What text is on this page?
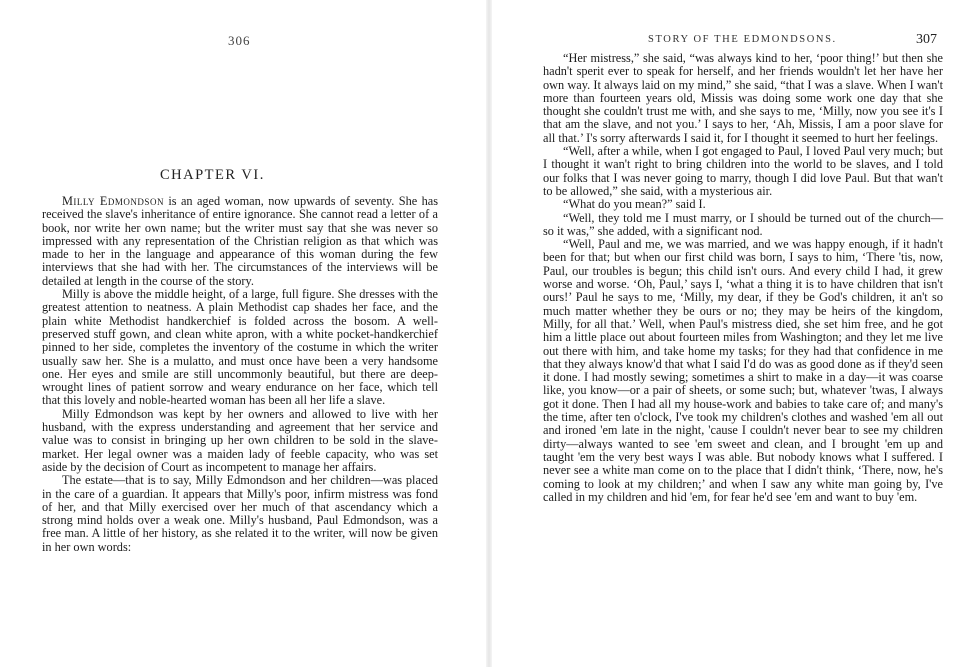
306
CHAPTER VI.

Milly Edmondson is an aged woman, now upwards of seventy. She has received the slave's inheritance of entire ignorance. She cannot read a letter of a book, nor write her own name; but the writer must say that she was never so impressed with any representation of the Christian religion as that which was made to her in the language and appearance of this woman during the few interviews that she had with her. The circumstances of the interviews will be detailed at length in the course of the story.

Milly is above the middle height, of a large, full figure. She dresses with the greatest attention to neatness. A plain Methodist cap shades her face, and the plain white Methodist handkerchief is folded across the bosom. A well-preserved stuff gown, and clean white apron, with a white pocket-handkerchief pinned to her side, completes the inventory of the costume in which the writer usually saw her. She is a mulatto, and must once have been a very handsome one. Her eyes and smile are still uncommonly beautiful, but there are deep-wrought lines of patient sorrow and weary endurance on her face, which tell that this lovely and noble-hearted woman has been all her life a slave.

Milly Edmondson was kept by her owners and allowed to live with her husband, with the express understanding and agreement that her service and value was to consist in bringing up her own children to be sold in the slave-market. Her legal owner was a maiden lady of feeble capacity, who was set aside by the decision of Court as incompetent to manage her affairs.

The estate—that is to say, Milly Edmondson and her children—was placed in the care of a guardian. It appears that Milly's poor, infirm mistress was fond of her, and that Milly exercised over her much of that ascendancy which a strong mind holds over a weak one. Milly's husband, Paul Edmondson, was a free man. A little of her history, as she related it to the writer, will now be given in her own words:

STORY OF THE EDMONDSONS.	307

“Her mistress,” she said, “was always kind to her, ‘poor thing!’ but then she hadn't sperit ever to speak for herself, and her friends wouldn't let her have her own way. It always laid on my mind,” she said, “that I was a slave. When I wan't more than fourteen years old, Missis was doing some work one day that she thought she couldn't trust me with, and she says to me, ‘Milly, now you see it's I that am the slave, and not you.’ I says to her, ‘Ah, Missis, I am a poor slave for all that.’ I's sorry afterwards I said it, for I thought it seemed to hurt her feelings.

“Well, after a while, when I got engaged to Paul, I loved Paul very much; but I thought it wan't right to bring children into the world to be slaves, and I told our folks that I was never going to marry, though I did love Paul. But that wan't to be allowed,” she said, with a mysterious air.

“What do you mean?” said I.

“Well, they told me I must marry, or I should be turned out of the church—so it was,” she added, with a significant nod.

“Well, Paul and me, we was married, and we was happy enough, if it hadn't been for that; but when our first child was born, I says to him, ‘There 'tis, now, Paul, our troubles is begun; this child isn't ours. And every child I had, it grew worse and worse. ‘Oh, Paul,’ says I, ‘what a thing it is to have children that isn't ours!’ Paul he says to me, ‘Milly, my dear, if they be God's children, it an't so much matter whether they be ours or no; they may be heirs of the kingdom, Milly, for all that.’ Well, when Paul's mistress died, she set him free, and he got him a little place out about fourteen miles from Washington; and they let me live out there with him, and take home my tasks; for they had that confidence in me that they always know'd that what I said I'd do was as good done as if they'd seen it done. I had mostly sewing; sometimes a shirt to make in a day—it was coarse like, you know—or a pair of sheets, or some such; but, whatever 'twas, I always got it done. Then I had all my house-work and babies to take care of; and many's the time, after ten o'clock, I've took my children's clothes and washed 'em all out and ironed 'em late in the night, 'cause I couldn't never bear to see my children dirty—always wanted to see 'em sweet and clean, and I brought 'em up and taught 'em the very best ways I was able. But nobody knows what I suffered. I never see a white man come on to the place that I didn't think, ‘There, now, he's coming to look at my children;’ and when I saw any white man going by, I've called in my children and hid 'em, for fear he'd see 'em and want to buy 'em.
